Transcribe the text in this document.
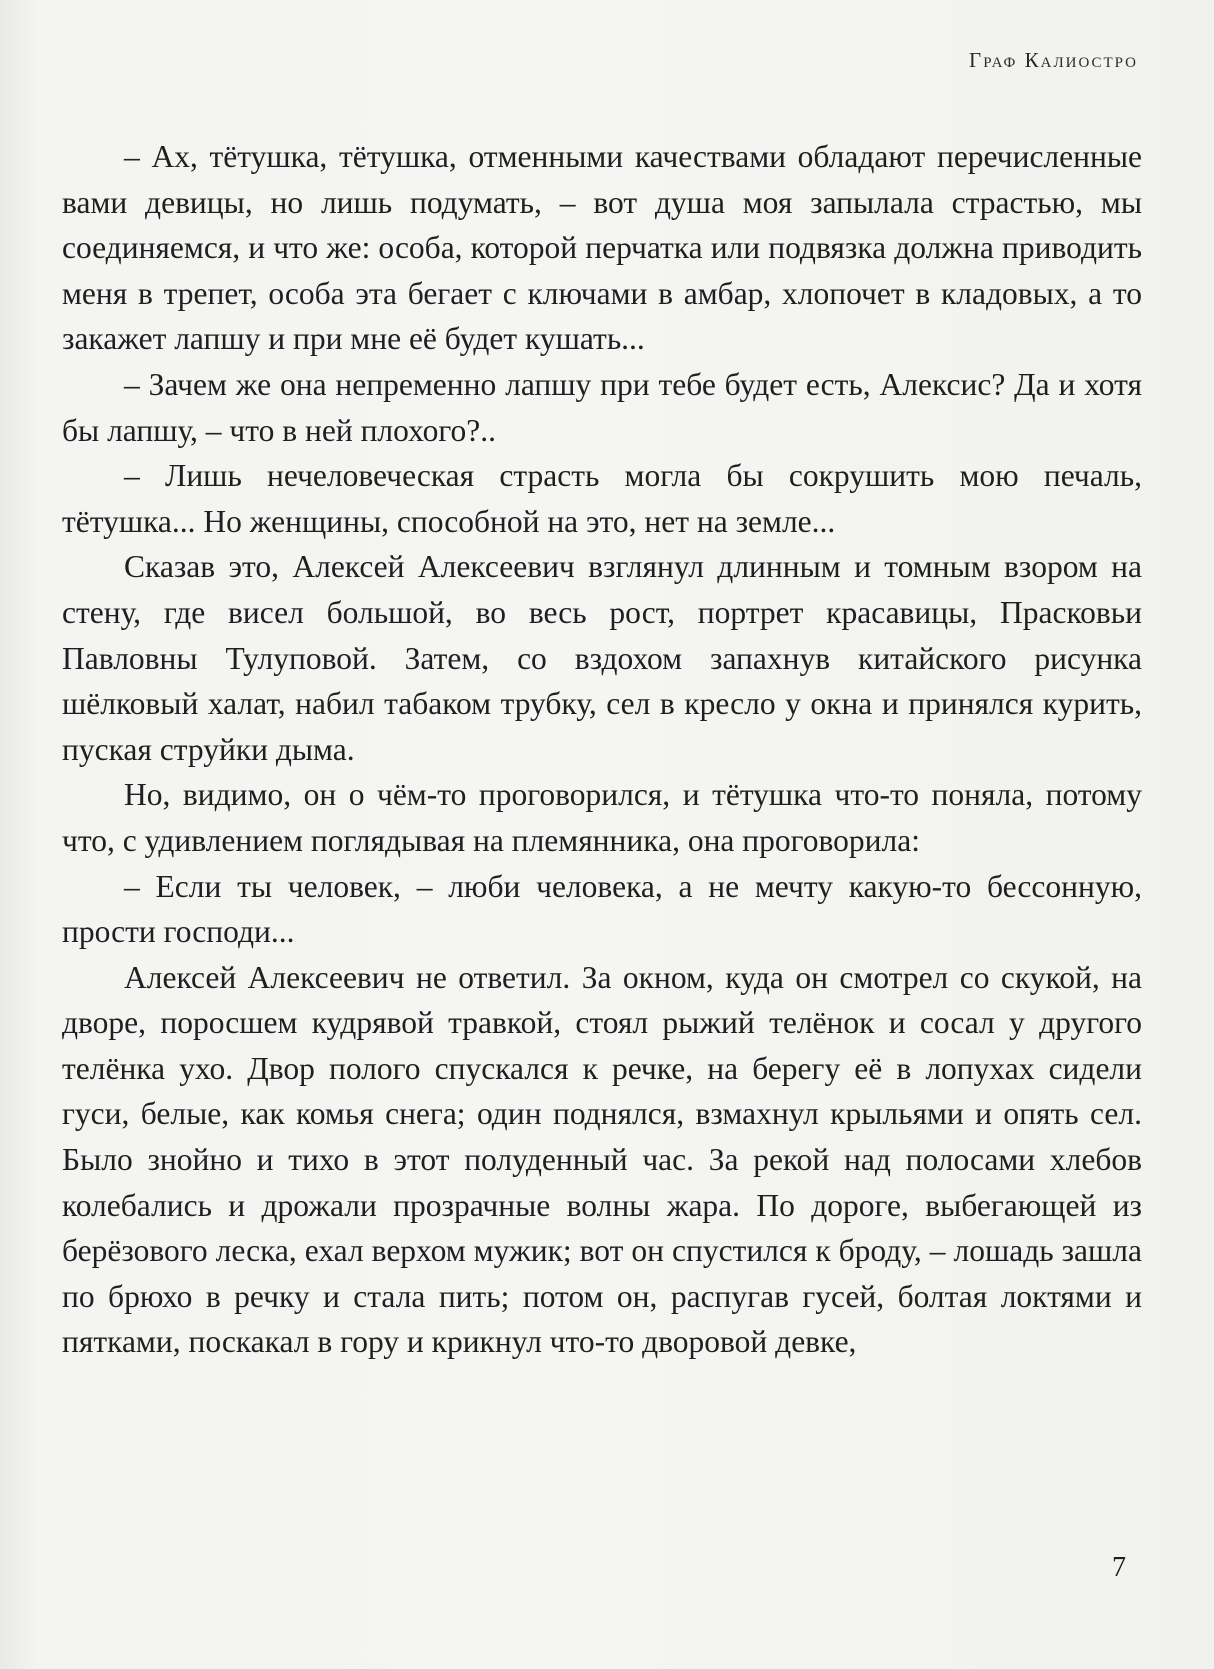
Граф Калиостро

– Ах, тётушка, тётушка, отменными качествами обладают перечисленные вами девицы, но лишь подумать, – вот душа моя запылала страстью, мы соединяемся, и что же: особа, которой перчатка или подвязка должна приводить меня в трепет, особа эта бегает с ключами в амбар, хлопочет в кладовых, а то закажет лапшу и при мне её будет кушать...

– Зачем же она непременно лапшу при тебе будет есть, Алексис? Да и хотя бы лапшу, – что в ней плохого?..

– Лишь нечеловеческая страсть могла бы сокрушить мою печаль, тётушка... Но женщины, способной на это, нет на земле...

Сказав это, Алексей Алексеевич взглянул длинным и томным взором на стену, где висел большой, во весь рост, портрет красавицы, Прасковьи Павловны Тулуповой. Затем, со вздохом запахнув китайского рисунка шёлковый халат, набил табаком трубку, сел в кресло у окна и принялся курить, пуская струйки дыма.

Но, видимо, он о чём-то проговорился, и тётушка что-то поняла, потому что, с удивлением поглядывая на племянника, она проговорила:

– Если ты человек, – люби человека, а не мечту какую-то бессонную, прости господи...

Алексей Алексеевич не ответил. За окном, куда он смотрел со скукой, на дворе, поросшем кудрявой травкой, стоял рыжий телёнок и сосал у другого телёнка ухо. Двор полого спускался к речке, на берегу её в лопухах сидели гуси, белые, как комья снега; один поднялся, взмахнул крыльями и опять сел. Было знойно и тихо в этот полуденный час. За рекой над полосами хлебов колебались и дрожали прозрачные волны жара. По дороге, выбегающей из берёзового леска, ехал верхом мужик; вот он спустился к броду, – лошадь зашла по брюхо в речку и стала пить; потом он, распугав гусей, болтая локтями и пятками, поскакал в гору и крикнул что-то дворовой девке,

7
